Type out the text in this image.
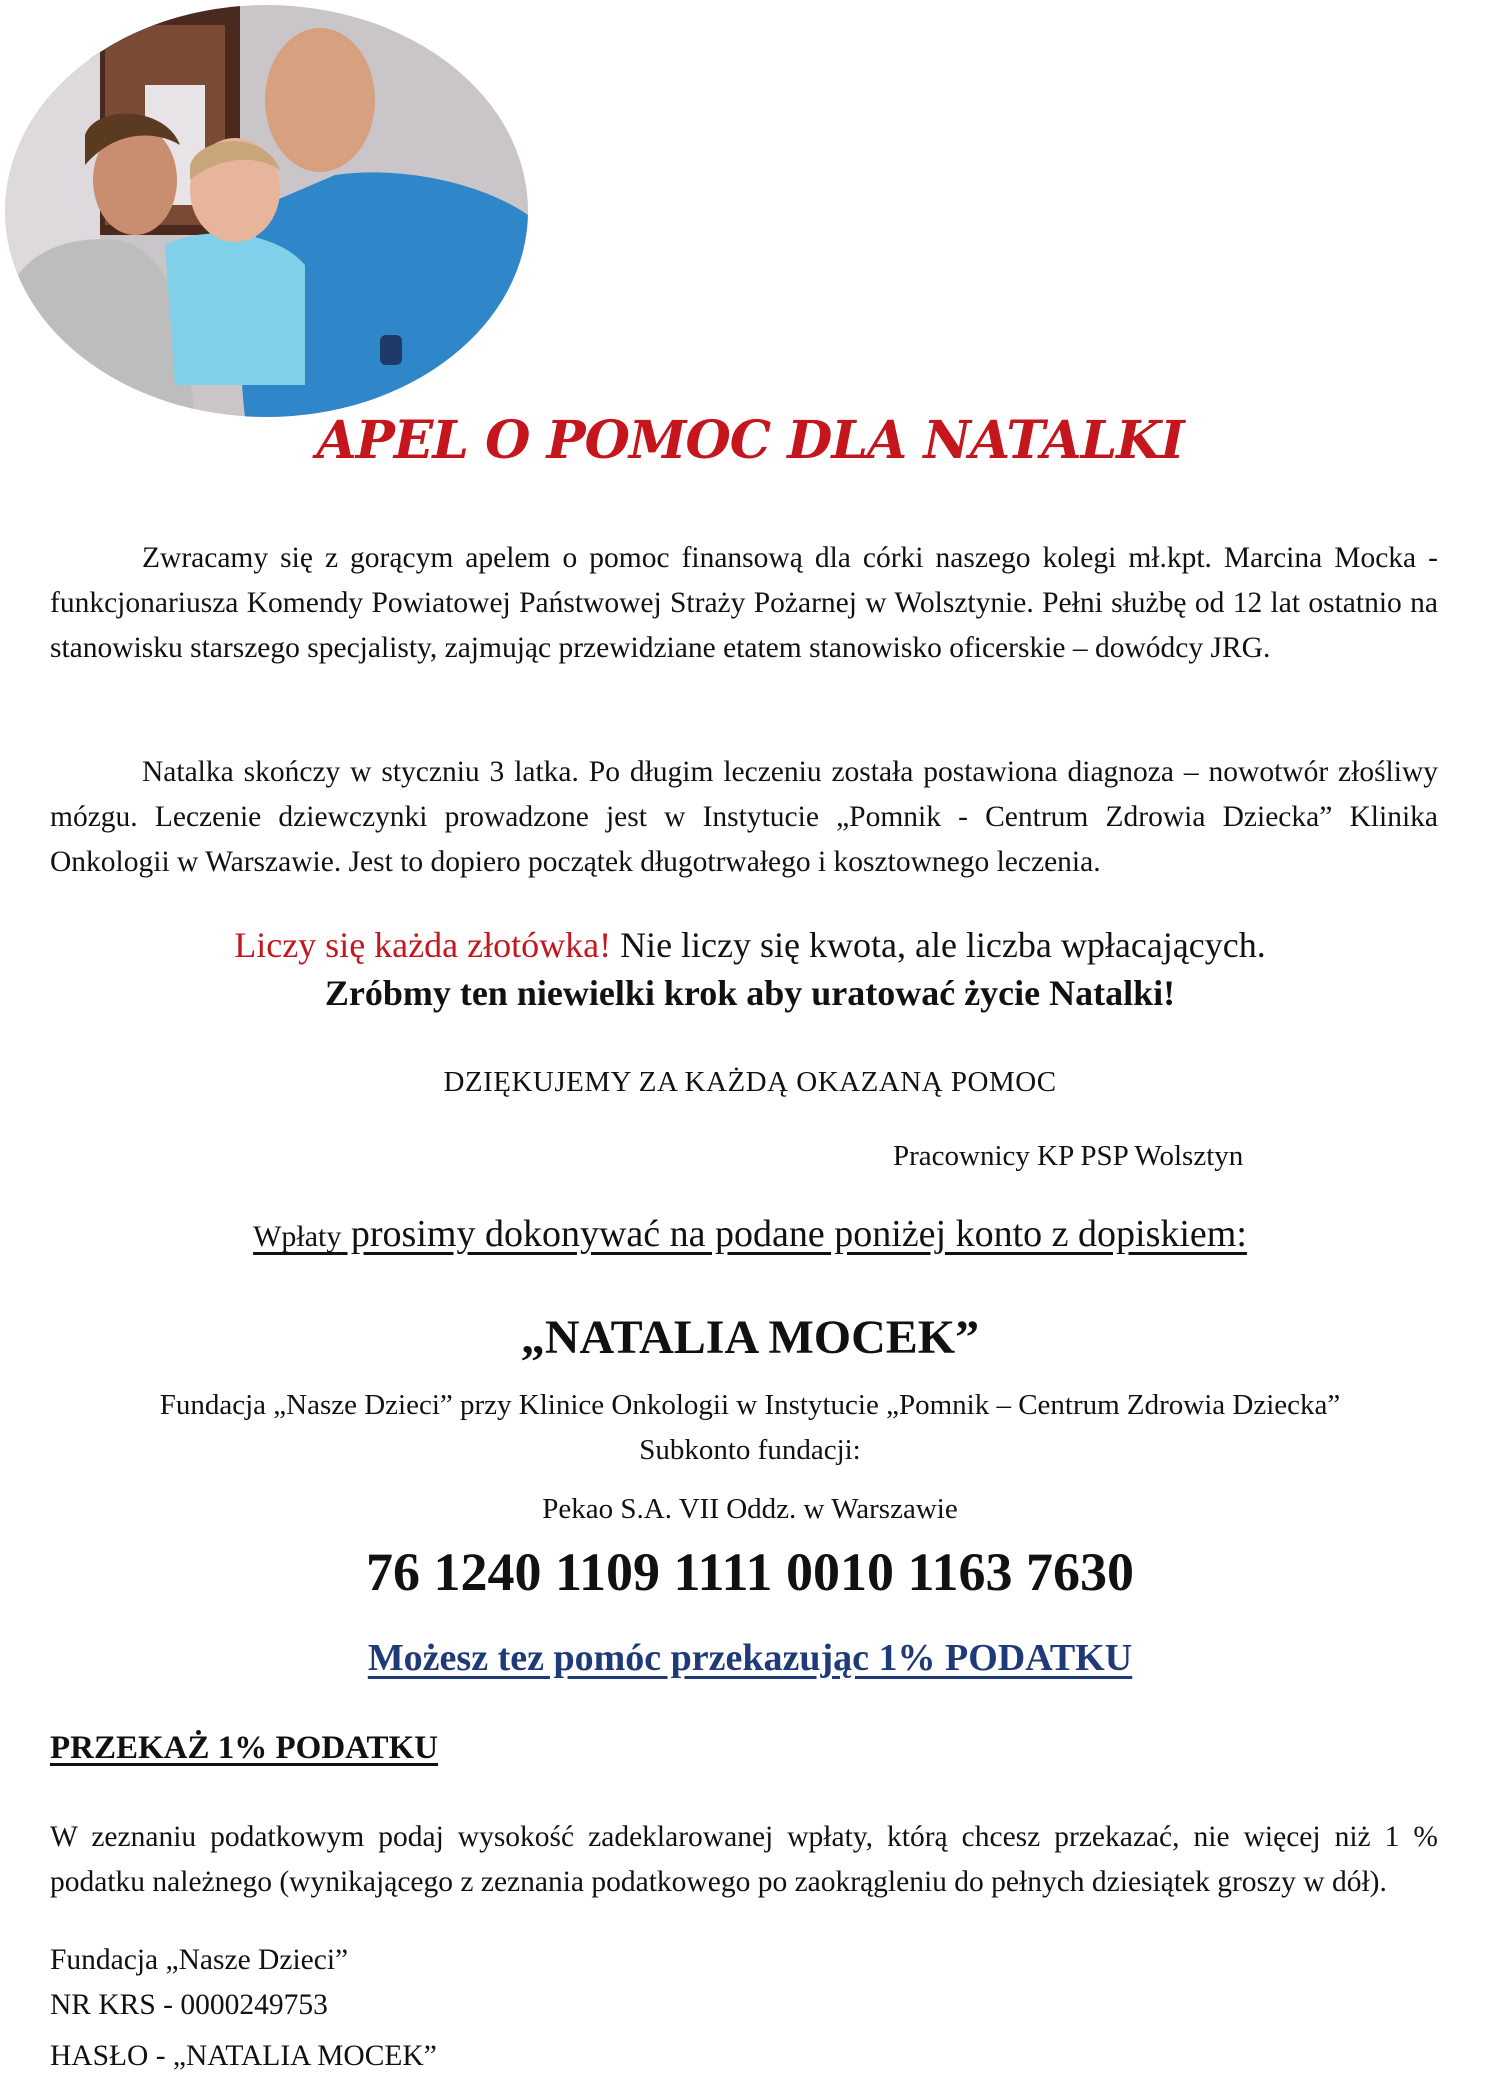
APEL O POMOC DLA NATALKI
Zwracamy się z gorącym apelem o pomoc finansową dla córki naszego kolegi mł.kpt. Marcina Mocka - funkcjonariusza Komendy Powiatowej Państwowej Straży Pożarnej w Wolsztynie. Pełni służbę od 12 lat ostatnio na stanowisku starszego specjalisty, zajmując przewidziane etatem stanowisko oficerskie – dowódcy JRG.
Natalka skończy w styczniu 3 latka. Po długim leczeniu została postawiona diagnoza – nowotwór złośliwy mózgu. Leczenie dziewczynki prowadzone jest w Instytucie „Pomnik - Centrum Zdrowia Dziecka” Klinika Onkologii w Warszawie. Jest to dopiero początek długotrwałego i kosztownego leczenia.
Liczy się każda złotówka! Nie liczy się kwota, ale liczba wpłacających.
Zróbmy ten niewielki krok aby uratować życie Natalki!
DZIĘKUJEMY ZA KAŻDĄ OKAZANĄ POMOC
Pracownicy KP PSP Wolsztyn
Wpłaty prosimy dokonywać na podane poniżej konto z dopiskiem:
„NATALIA MOCEK”
Fundacja „Nasze Dzieci” przy Klinice Onkologii w Instytucie „Pomnik – Centrum Zdrowia Dziecka”
Subkonto fundacji:
Pekao S.A. VII Oddz. w Warszawie
76 1240 1109 1111 0010 1163 7630
Możesz tez pomóc przekazując 1% PODATKU
PRZEKAŻ 1% PODATKU
W zeznaniu podatkowym podaj wysokość zadeklarowanej wpłaty, którą chcesz przekazać, nie więcej niż 1 % podatku należnego (wynikającego z zeznania podatkowego po zaokrągleniu do pełnych dziesiątek groszy w dół).
Fundacja „Nasze Dzieci”
NR KRS - 0000249753
HASŁO - „NATALIA MOCEK”
